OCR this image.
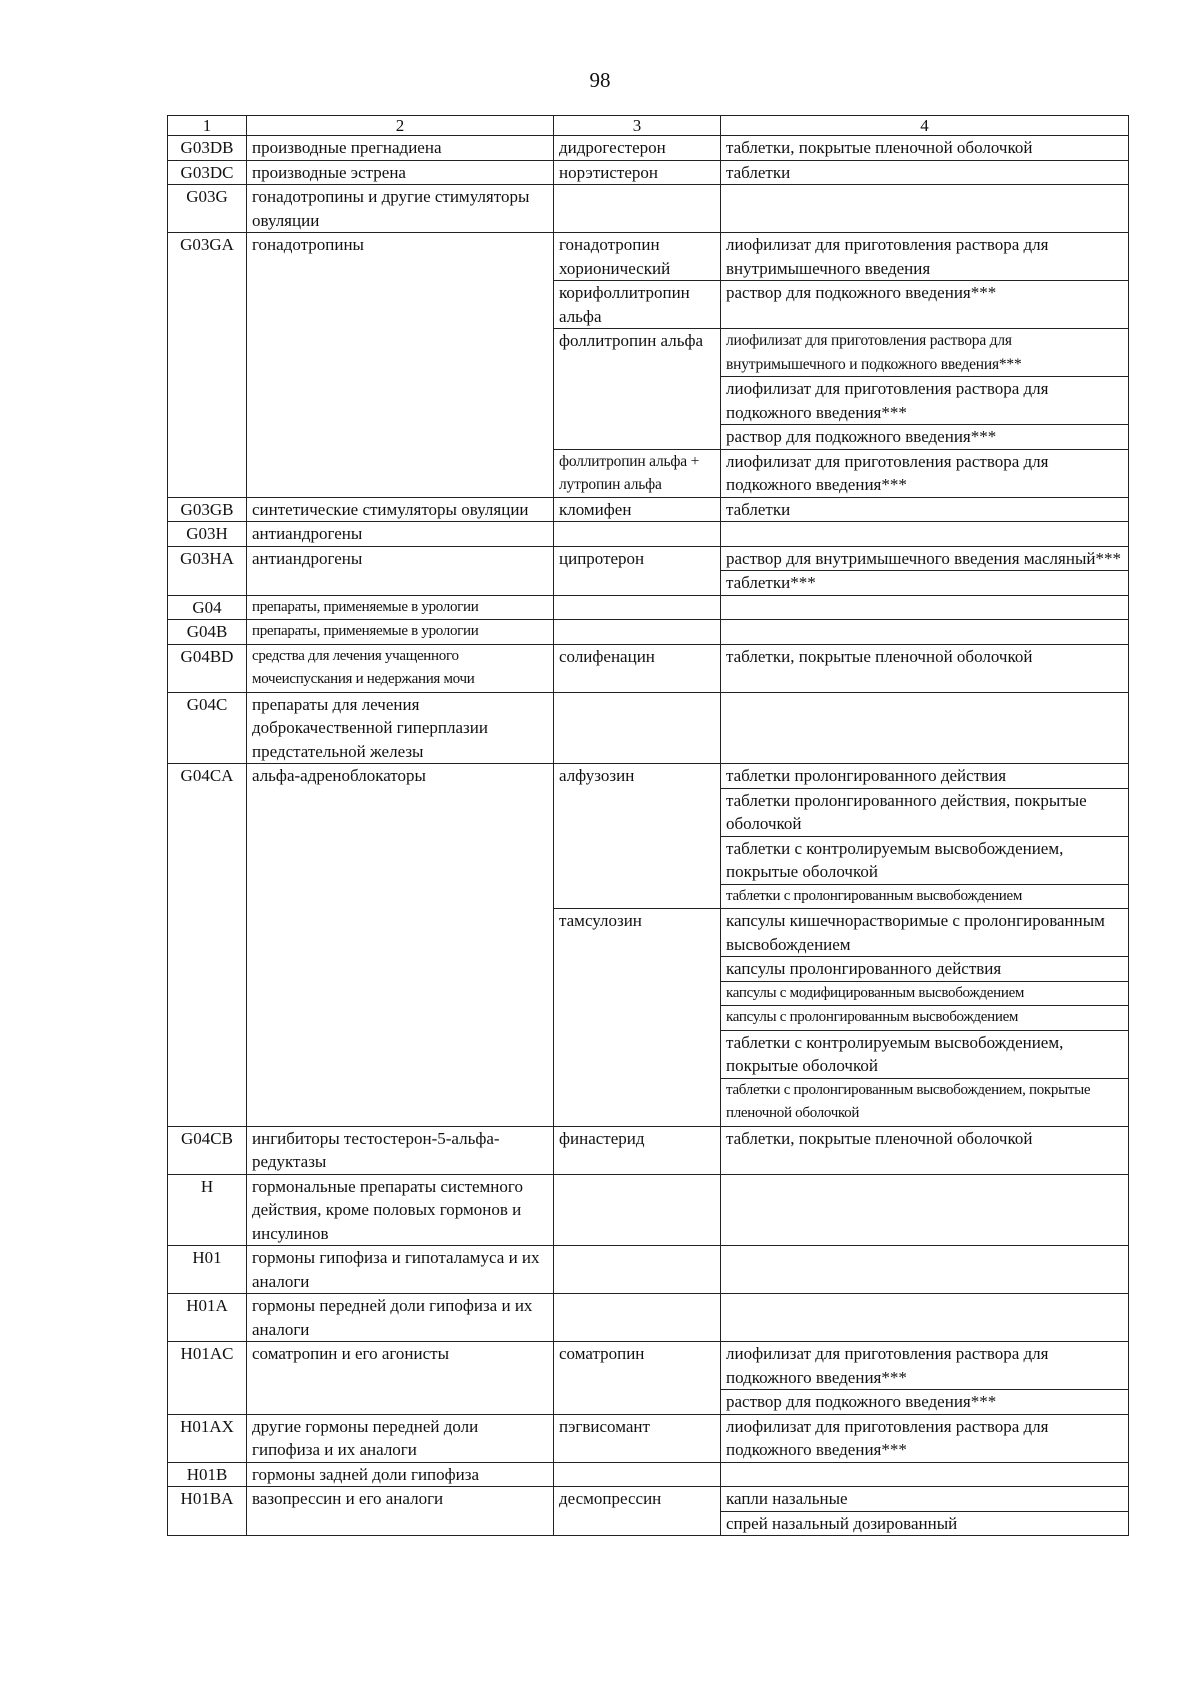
98
1	2	3	4
G03DB	производные прегнадиена	дидрогестерон	таблетки, покрытые пленочной оболочкой
G03DC	производные эстрена	норэтистерон	таблетки
G03G	гонадотропины и другие стимуляторы овуляции		
G03GA	гонадотропины	гонадотропин хорионический	лиофилизат для приготовления раствора для внутримышечного введения
		корифоллитропин альфа	раствор для подкожного введения***
		фоллитропин альфа	лиофилизат для приготовления раствора для внутримышечного и подкожного введения***
			лиофилизат для приготовления раствора для подкожного введения***
			раствор для подкожного введения***
		фоллитропин альфа + лутропин альфа	лиофилизат для приготовления раствора для подкожного введения***
G03GB	синтетические стимуляторы овуляции	кломифен	таблетки
G03H	антиандрогены		
G03HA	антиандрогены	ципротерон	раствор для внутримышечного введения масляный***
			таблетки***
G04	препараты, применяемые в урологии		
G04B	препараты, применяемые в урологии		
G04BD	средства для лечения учащенного мочеиспускания и недержания мочи	солифенацин	таблетки, покрытые пленочной оболочкой
G04C	препараты для лечения доброкачественной гиперплазии предстательной железы		
G04CA	альфа-адреноблокаторы	алфузозин	таблетки пролонгированного действия
			таблетки пролонгированного действия, покрытые оболочкой
			таблетки с контролируемым высвобождением, покрытые оболочкой
			таблетки с пролонгированным высвобождением
		тамсулозин	капсулы кишечнорастворимые с пролонгированным высвобождением
			капсулы пролонгированного действия
			капсулы с модифицированным высвобождением
			капсулы с пролонгированным высвобождением
			таблетки с контролируемым высвобождением, покрытые оболочкой
			таблетки с пролонгированным высвобождением, покрытые пленочной оболочкой
G04CB	ингибиторы тестостерон-5-альфа-редуктазы	финастерид	таблетки, покрытые пленочной оболочкой
H	гормональные препараты системного действия, кроме половых гормонов и инсулинов		
H01	гормоны гипофиза и гипоталамуса и их аналоги		
H01A	гормоны передней доли гипофиза и их аналоги		
H01AC	соматропин и его агонисты	соматропин	лиофилизат для приготовления раствора для подкожного введения***
			раствор для подкожного введения***
H01AX	другие гормоны передней доли гипофиза и их аналоги	пэгвисомант	лиофилизат для приготовления раствора для подкожного введения***
H01B	гормоны задней доли гипофиза		
H01BA	вазопрессин и его аналоги	десмопрессин	капли назальные
			спрей назальный дозированный
